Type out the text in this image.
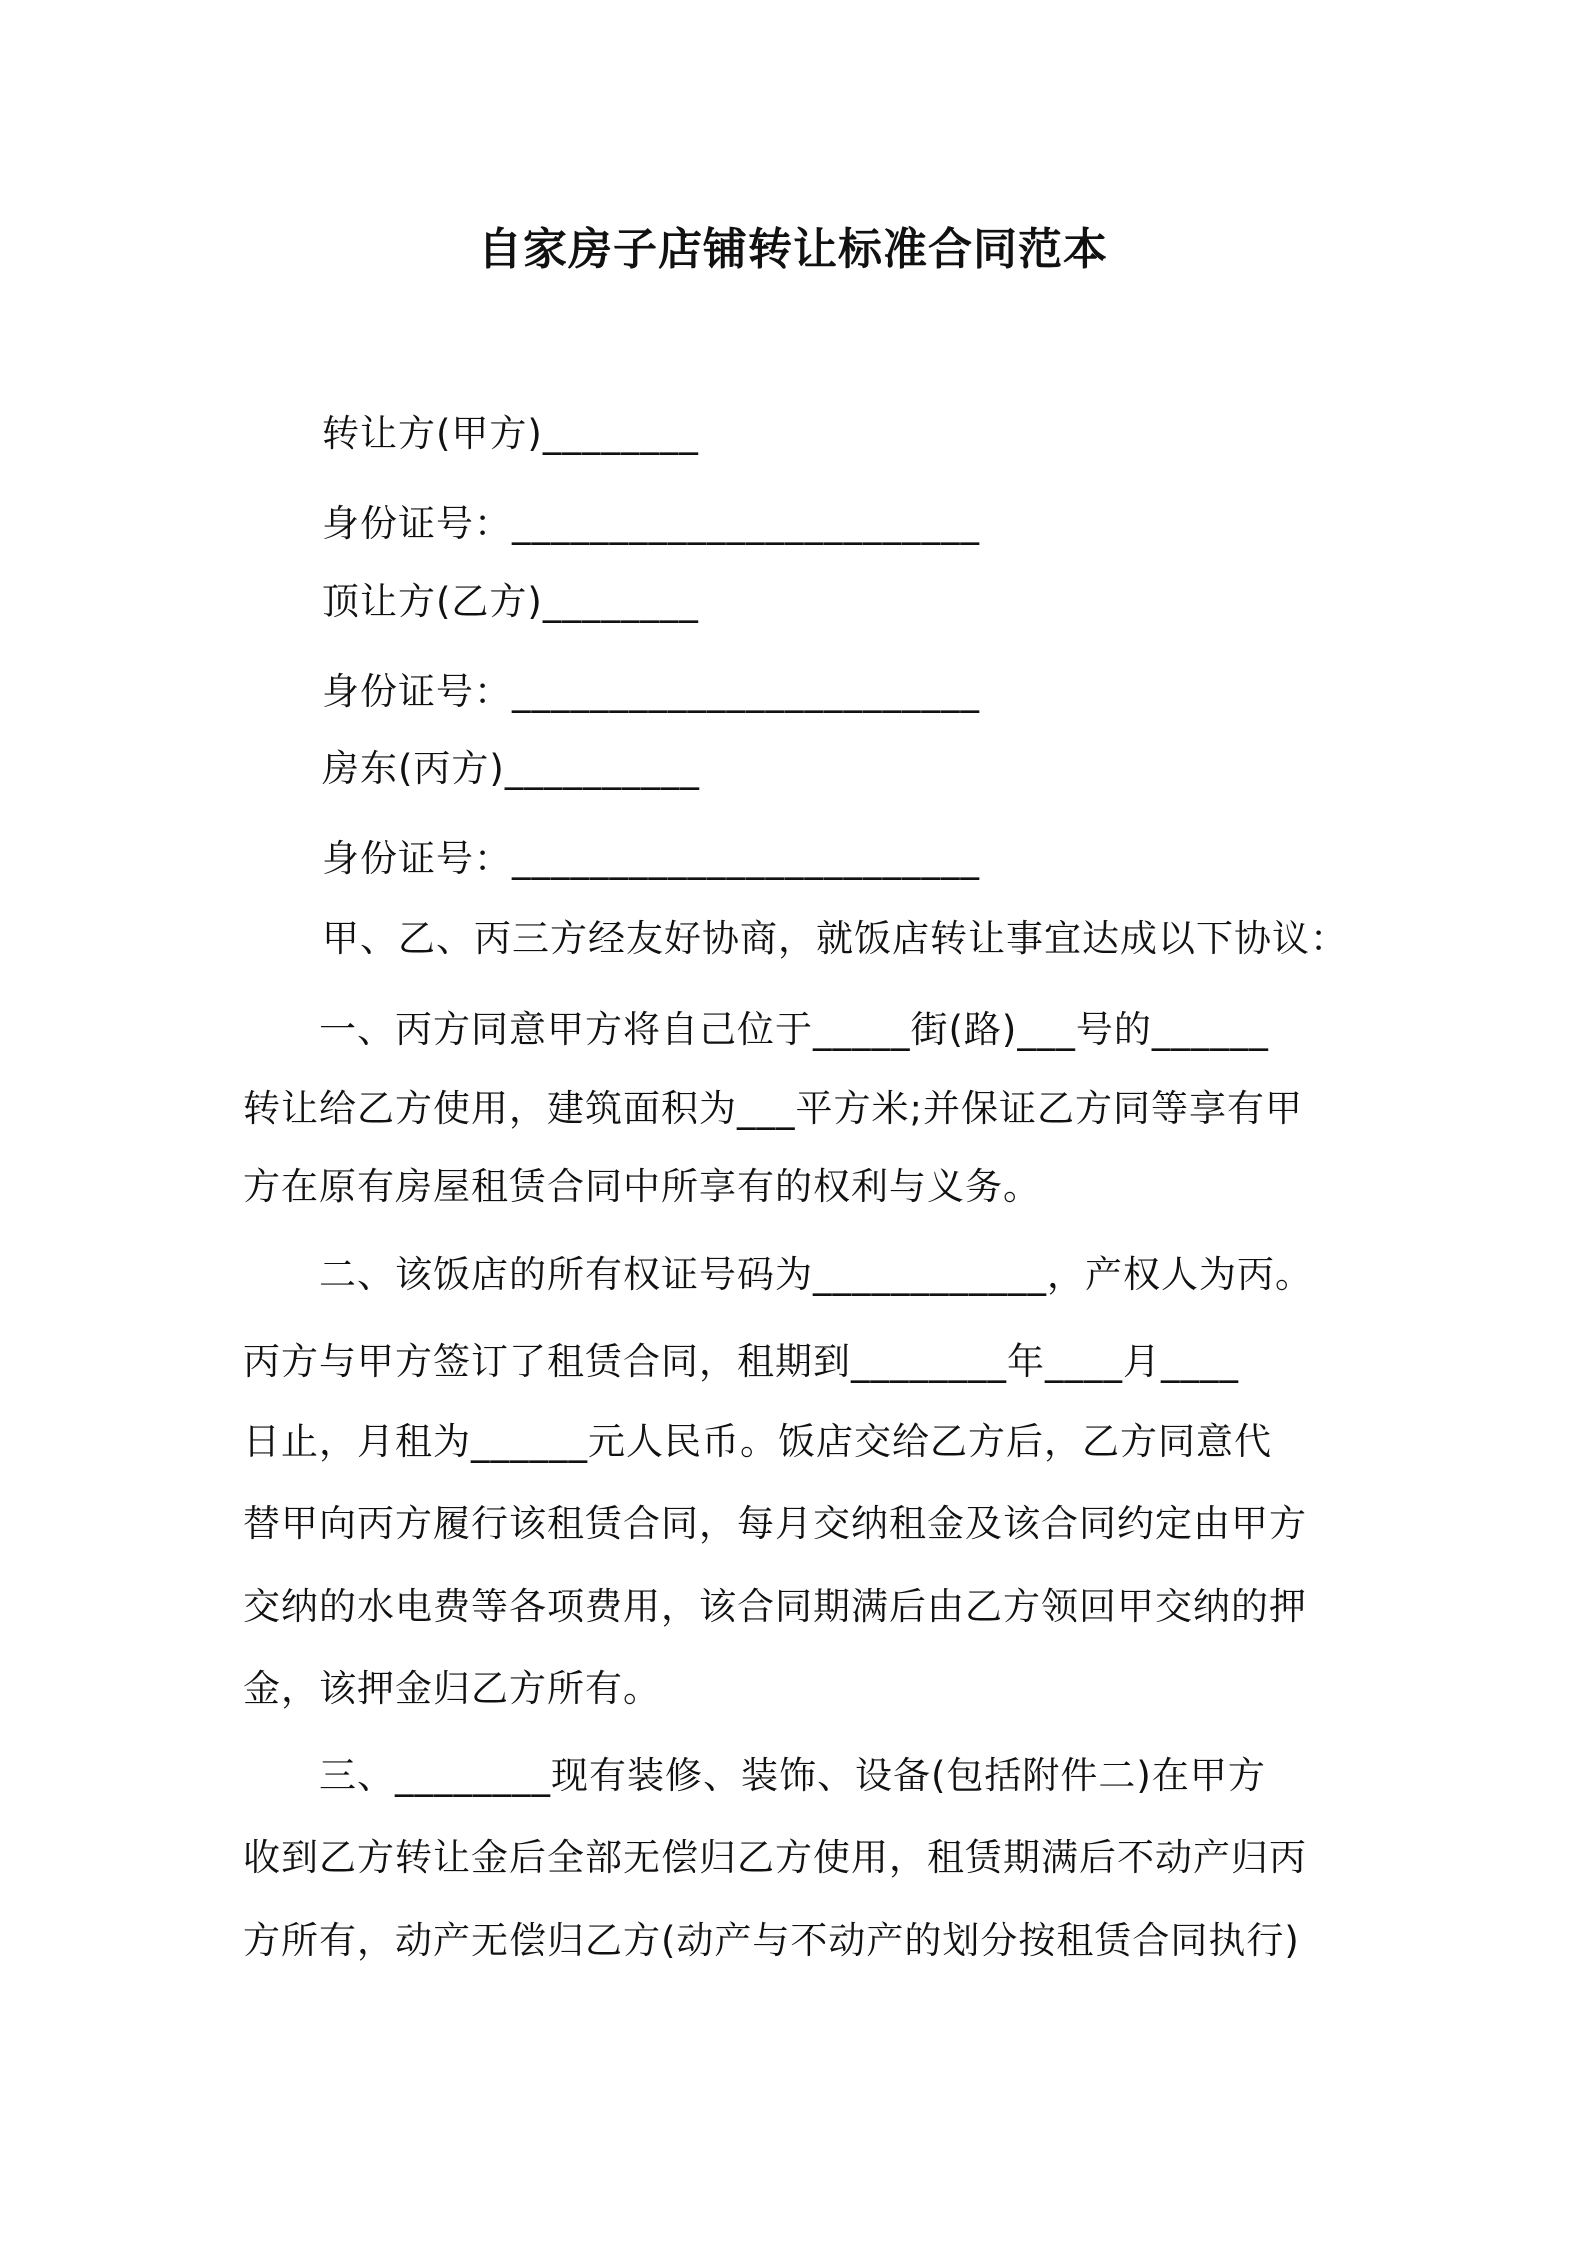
自家房子店铺转让标准合同范本
转让方(甲方)________
身份证号：________________________
顶让方(乙方)________
身份证号：________________________
房东(丙方)__________
身份证号：________________________
甲、乙、丙三方经友好协商，就饭店转让事宜达成以下协议：
　　一、丙方同意甲方将自己位于_____街(路)___号的______
转让给乙方使用，建筑面积为___平方米;并保证乙方同等享有甲
方在原有房屋租赁合同中所享有的权利与义务。
　　二、该饭店的所有权证号码为____________，产权人为丙。
丙方与甲方签订了租赁合同，租期到________年____月____
日止，月租为______元人民币。饭店交给乙方后，乙方同意代
替甲向丙方履行该租赁合同，每月交纳租金及该合同约定由甲方
交纳的水电费等各项费用，该合同期满后由乙方领回甲交纳的押
金，该押金归乙方所有。
　　三、________现有装修、装饰、设备(包括附件二)在甲方
收到乙方转让金后全部无偿归乙方使用，租赁期满后不动产归丙
方所有，动产无偿归乙方(动产与不动产的划分按租赁合同执行)
